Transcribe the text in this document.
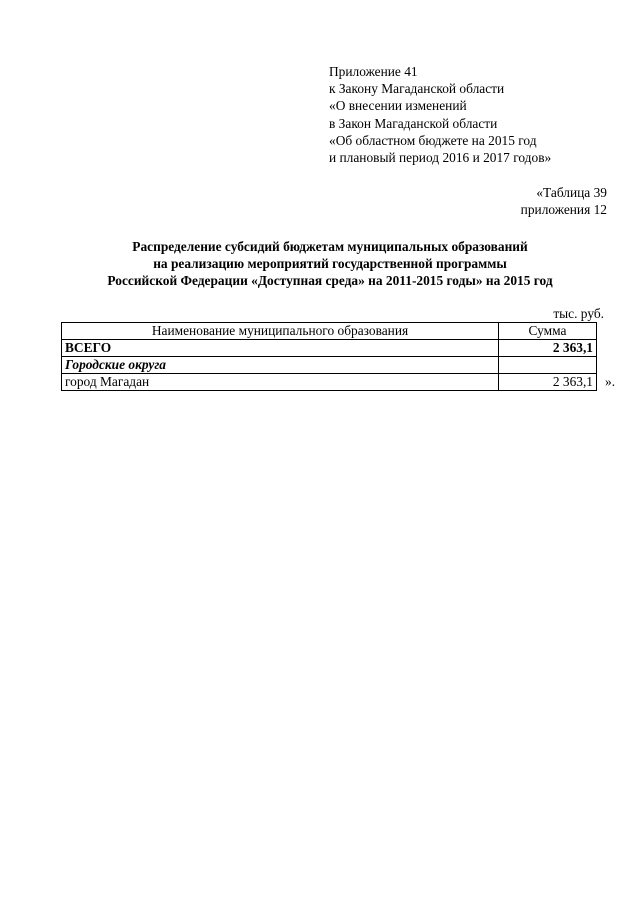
Приложение 41
к Закону Магаданской области
«О внесении изменений
в Закон Магаданской области
«Об областном бюджете на 2015 год
и плановый период 2016 и 2017 годов»
«Таблица 39
приложения 12
Распределение субсидий бюджетам муниципальных образований
на реализацию мероприятий государственной программы
Российской Федерации «Доступная среда» на 2011-2015 годы» на 2015 год
тыс. руб.
Наименование муниципального образования	Сумма
ВСЕГО	2 363,1
Городские округа	
город Магадан	2 363,1 ».
